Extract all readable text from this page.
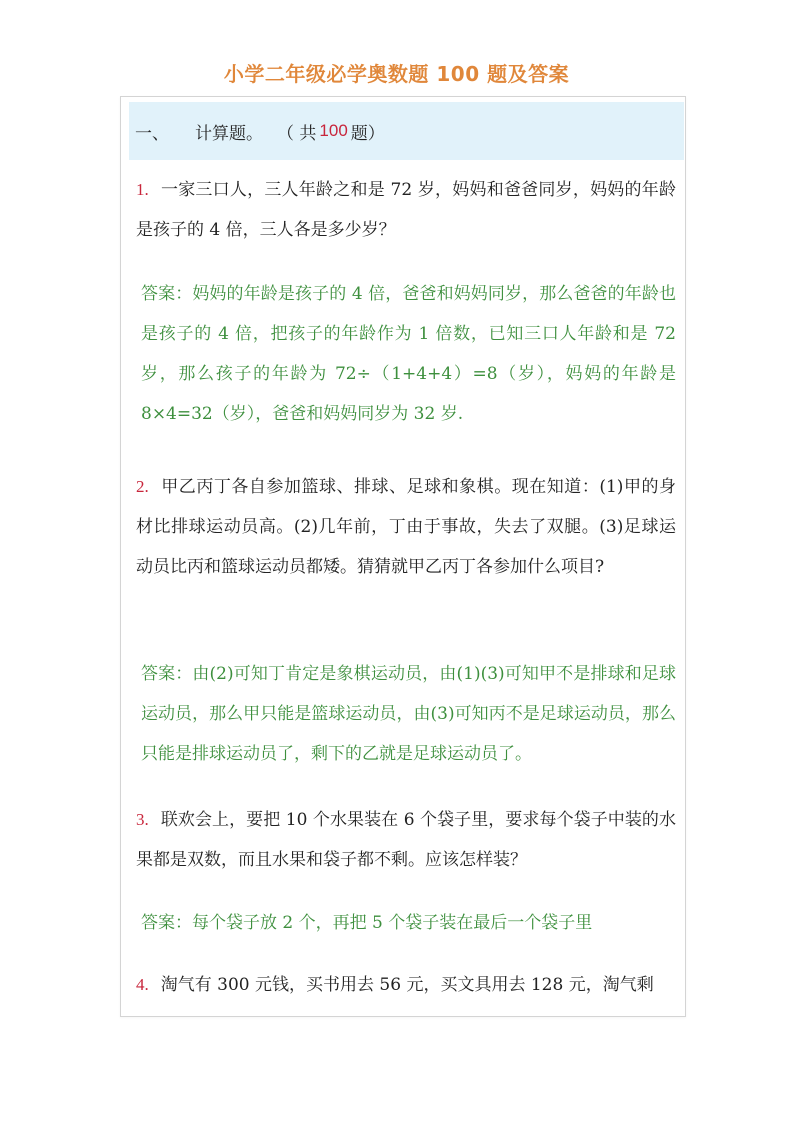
小学二年级必学奥数题 100 题及答案
一、 计算题。 （ 共 100 题）
1. 一家三口人，三人年龄之和是 72 岁，妈妈和爸爸同岁，妈妈的年龄是孩子的 4 倍，三人各是多少岁？
答案：妈妈的年龄是孩子的 4 倍，爸爸和妈妈同岁，那么爸爸的年龄也是孩子的 4 倍，把孩子的年龄作为 1 倍数，已知三口人年龄和是 72 岁，那么孩子的年龄为 72÷（1+4+4）=8（岁），妈妈的年龄是 8×4=32（岁），爸爸和妈妈同岁为 32 岁.
2. 甲乙丙丁各自参加篮球、排球、足球和象棋。现在知道：(1)甲的身材比排球运动员高。(2)几年前，丁由于事故，失去了双腿。(3)足球运动员比丙和篮球运动员都矮。猜猜就甲乙丙丁各参加什么项目?
答案：由(2)可知丁肯定是象棋运动员，由(1)(3)可知甲不是排球和足球运动员，那么甲只能是篮球运动员，由(3)可知丙不是足球运动员，那么只能是排球运动员了，剩下的乙就是足球运动员了。
3. 联欢会上，要把 10 个水果装在 6 个袋子里，要求每个袋子中装的水果都是双数，而且水果和袋子都不剩。应该怎样装？
答案：每个袋子放 2 个，再把 5 个袋子装在最后一个袋子里
4. 淘气有 300 元钱，买书用去 56 元，买文具用去 128 元，淘气剩
